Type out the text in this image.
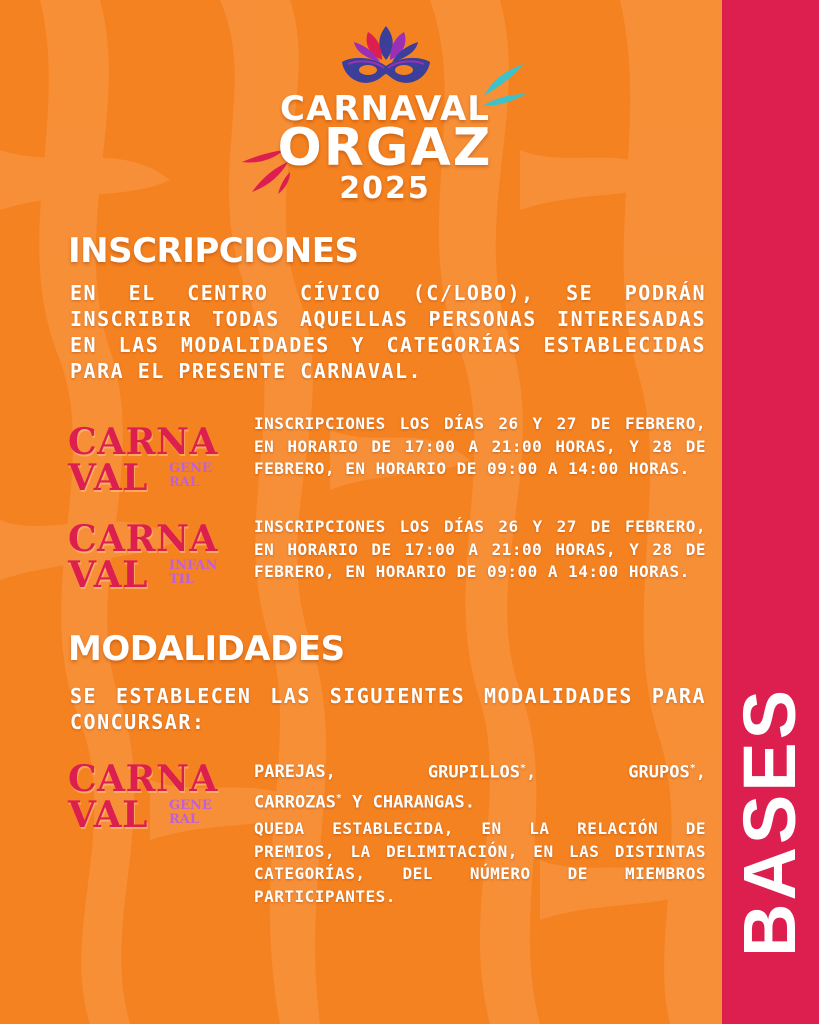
BASES
CARNAVAL
ORGAZ
2025
INSCRIPCIONES

EN EL CENTRO CÍVICO (C/LOBO), SE PODRÁN INSCRIBIR TODAS AQUELLAS PERSONAS INTERESADAS EN LAS MODALIDADES Y CATEGORÍAS ESTABLECIDAS PARA EL PRESENTE CARNAVAL.

CARNA
VAL GENE
RAL

INSCRIPCIONES LOS DÍAS 26 Y 27 DE FEBRERO, EN HORARIO DE 17:00 A 21:00 HORAS, Y 28 DE FEBRERO, EN HORARIO DE 09:00 A 14:00 HORAS.

CARNA
VAL INFAN
TIL

INSCRIPCIONES LOS DÍAS 26 Y 27 DE FEBRERO, EN HORARIO DE 17:00 A 21:00 HORAS, Y 28 DE FEBRERO, EN HORARIO DE 09:00 A 14:00 HORAS.

MODALIDADES

SE ESTABLECEN LAS SIGUIENTES MODALIDADES PARA CONCURSAR:

CARNA
VAL GENE
RAL
PAREJAS,	GRUPILLOS*,	GRUPOS*,
CARROZAS* Y CHARANGAS.

QUEDA ESTABLECIDA, EN LA RELACIÓN DE PREMIOS, LA DELIMITACIÓN, EN LAS DISTINTAS CATEGORÍAS, DEL NÚMERO DE MIEMBROS PARTICIPANTES.
